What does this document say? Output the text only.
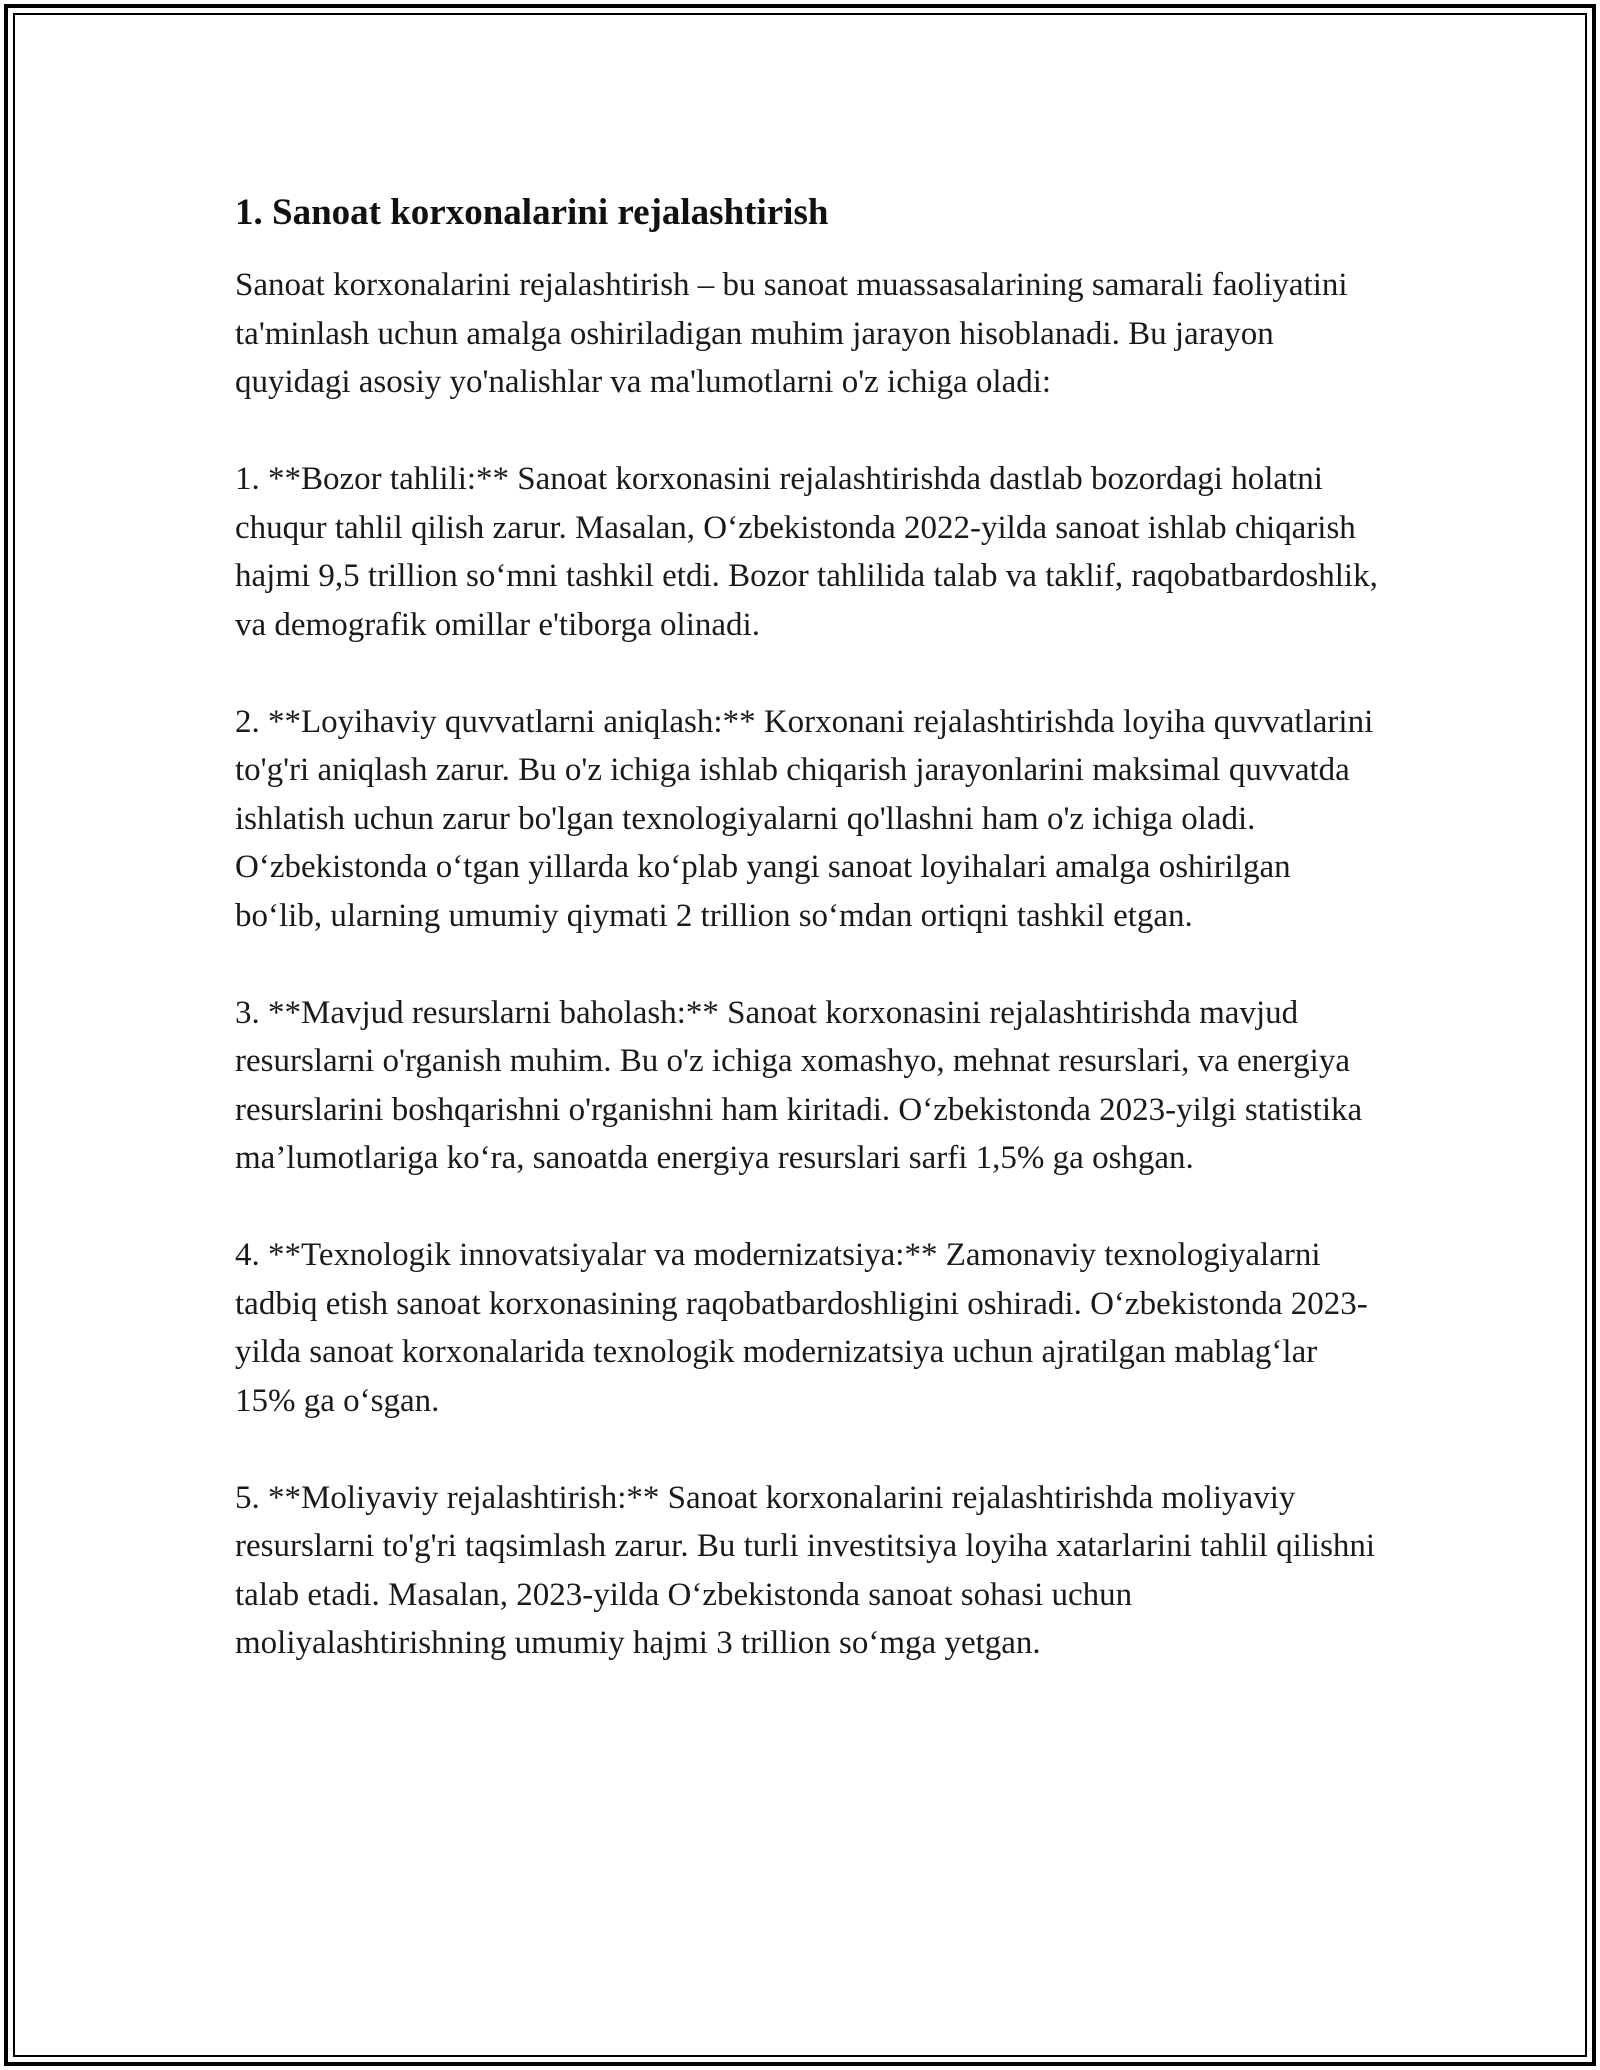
1. Sanoat korxonalarini rejalashtirish

Sanoat korxonalarini rejalashtirish – bu sanoat muassasalarining samarali faoliyatini ta'minlash uchun amalga oshiriladigan muhim jarayon hisoblanadi. Bu jarayon quyidagi asosiy yo'nalishlar va ma'lumotlarni o'z ichiga oladi:

1. **Bozor tahlili:** Sanoat korxonasini rejalashtirishda dastlab bozordagi holatni chuqur tahlil qilish zarur. Masalan, O‘zbekistonda 2022-yilda sanoat ishlab chiqarish hajmi 9,5 trillion so‘mni tashkil etdi. Bozor tahlilida talab va taklif, raqobatbardoshlik, va demografik omillar e'tiborga olinadi.

2. **Loyihaviy quvvatlarni aniqlash:** Korxonani rejalashtirishda loyiha quvvatlarini to'g'ri aniqlash zarur. Bu o'z ichiga ishlab chiqarish jarayonlarini maksimal quvvatda ishlatish uchun zarur bo'lgan texnologiyalarni qo'llashni ham o'z ichiga oladi. O‘zbekistonda o‘tgan yillarda ko‘plab yangi sanoat loyihalari amalga oshirilgan bo‘lib, ularning umumiy qiymati 2 trillion so‘mdan ortiqni tashkil etgan.

3. **Mavjud resurslarni baholash:** Sanoat korxonasini rejalashtirishda mavjud resurslarni o'rganish muhim. Bu o'z ichiga xomashyo, mehnat resurslari, va energiya resurslarini boshqarishni o'rganishni ham kiritadi. O‘zbekistonda 2023-yilgi statistika ma’lumotlariga ko‘ra, sanoatda energiya resurslari sarfi 1,5% ga oshgan.

4. **Texnologik innovatsiyalar va modernizatsiya:** Zamonaviy texnologiyalarni tadbiq etish sanoat korxonasining raqobatbardoshligini oshiradi. O‘zbekistonda 2023-yilda sanoat korxonalarida texnologik modernizatsiya uchun ajratilgan mablag‘lar 15% ga o‘sgan.

5. **Moliyaviy rejalashtirish:** Sanoat korxonalarini rejalashtirishda moliyaviy resurslarni to'g'ri taqsimlash zarur. Bu turli investitsiya loyiha xatarlarini tahlil qilishni talab etadi. Masalan, 2023-yilda O‘zbekistonda sanoat sohasi uchun moliyalashtirishning umumiy hajmi 3 trillion so‘mga yetgan.
